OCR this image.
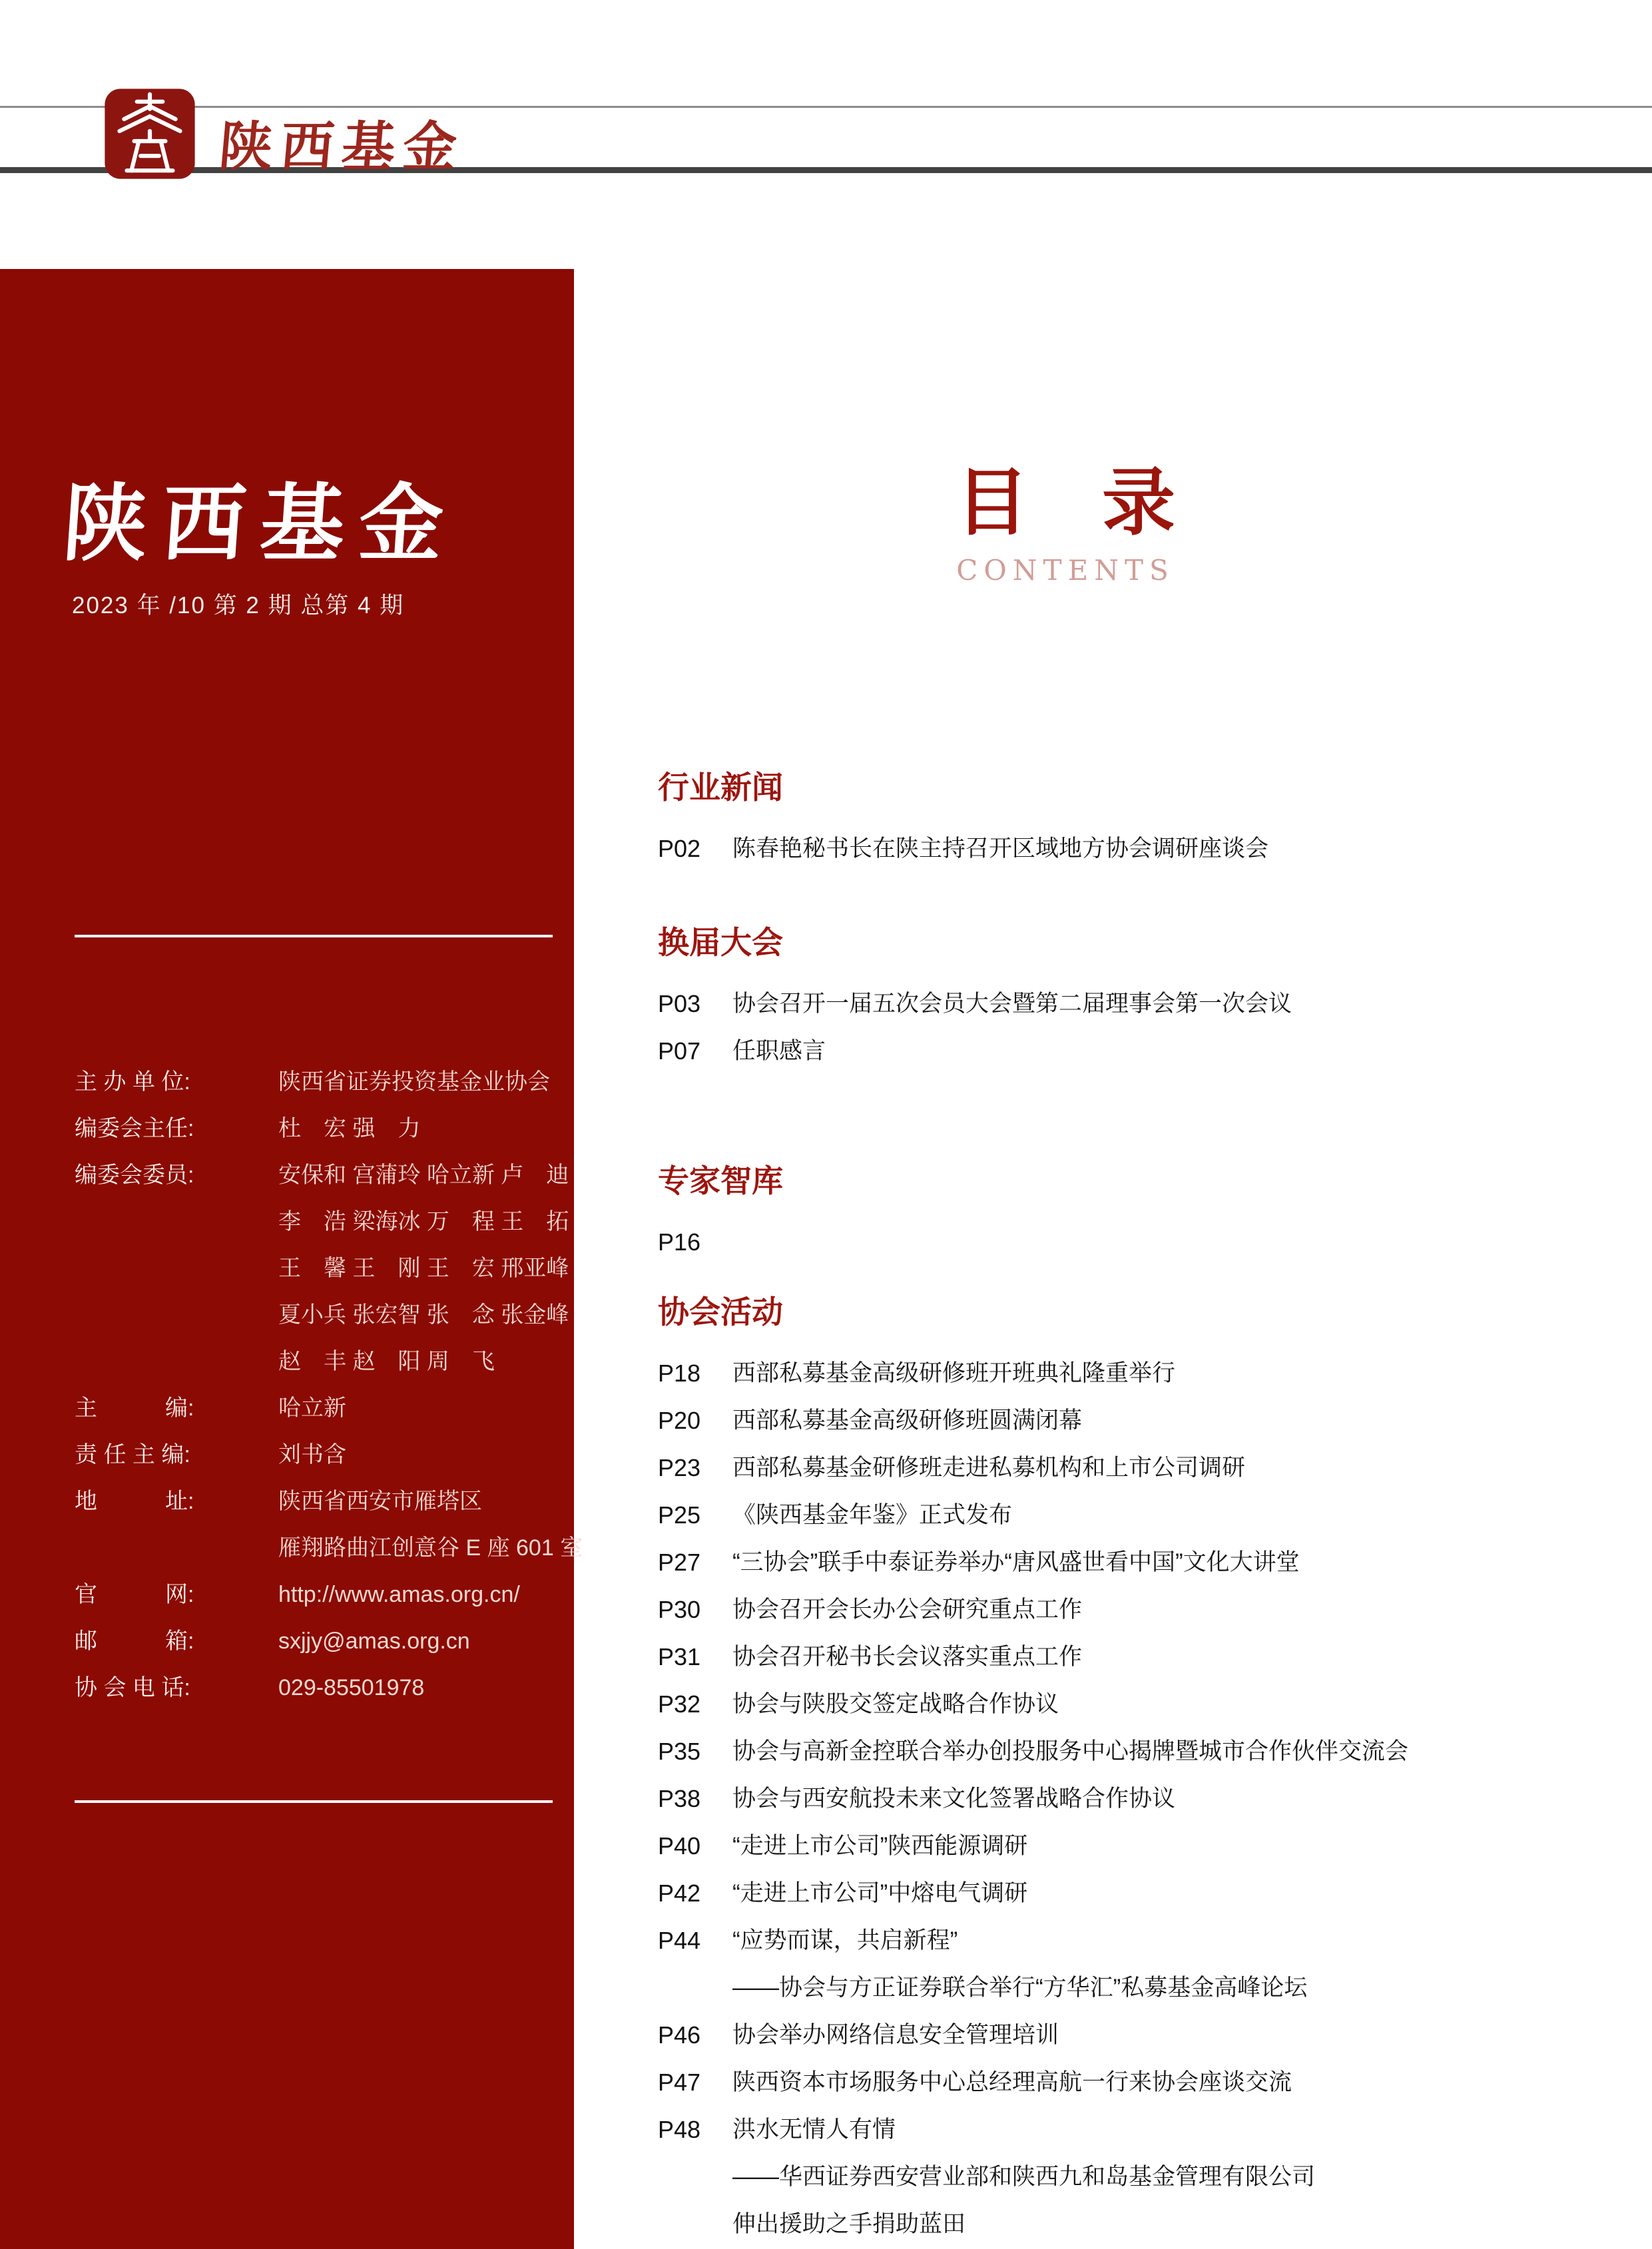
陕西基金
陕西基金
2023 年 /10 第 2 期 总第 4 期
主 办 单 位:	陕西省证券投资基金业协会
编委会主任:	杜　宏 强　力
编委会委员:	安保和 宫蒲玲 哈立新 卢　迪
李　浩 梁海冰 万　程 王　拓
王　馨 王　刚 王　宏 邢亚峰
夏小兵 张宏智 张　念 张金峰
赵　丰 赵　阳 周　飞
主　　　编:	哈立新
责 任 主 编:	刘书含
地　　　址:	陕西省西安市雁塔区
雁翔路曲江创意谷 E 座 601 室
官　　　网:	http://www.amas.org.cn/
邮　　　箱:	sxjjy@amas.org.cn
协 会 电 话:	029-85501978
目　录
CONTENTS
行业新闻
P02	陈春艳秘书长在陕主持召开区域地方协会调研座谈会
换届大会
P03	协会召开一届五次会员大会暨第二届理事会第一次会议
P07	任职感言
专家智库
P16
协会活动
P18	西部私募基金高级研修班开班典礼隆重举行
P20	西部私募基金高级研修班圆满闭幕
P23	西部私募基金研修班走进私募机构和上市公司调研
P25	《陕西基金年鉴》正式发布
P27	“三协会”联手中泰证券举办“唐风盛世看中国”文化大讲堂
P30	协会召开会长办公会研究重点工作
P31	协会召开秘书长会议落实重点工作
P32	协会与陕股交签定战略合作协议
P35	协会与高新金控联合举办创投服务中心揭牌暨城市合作伙伴交流会
P38	协会与西安航投未来文化签署战略合作协议
P40	“走进上市公司”陕西能源调研
P42	“走进上市公司”中熔电气调研
P44	“应势而谋，共启新程”
——协会与方正证券联合举行“方华汇”私募基金高峰论坛
P46	协会举办网络信息安全管理培训
P47	陕西资本市场服务中心总经理高航一行来协会座谈交流
P48	洪水无情人有情
——华西证券西安营业部和陕西九和岛基金管理有限公司
伸出援助之手捐助蓝田
